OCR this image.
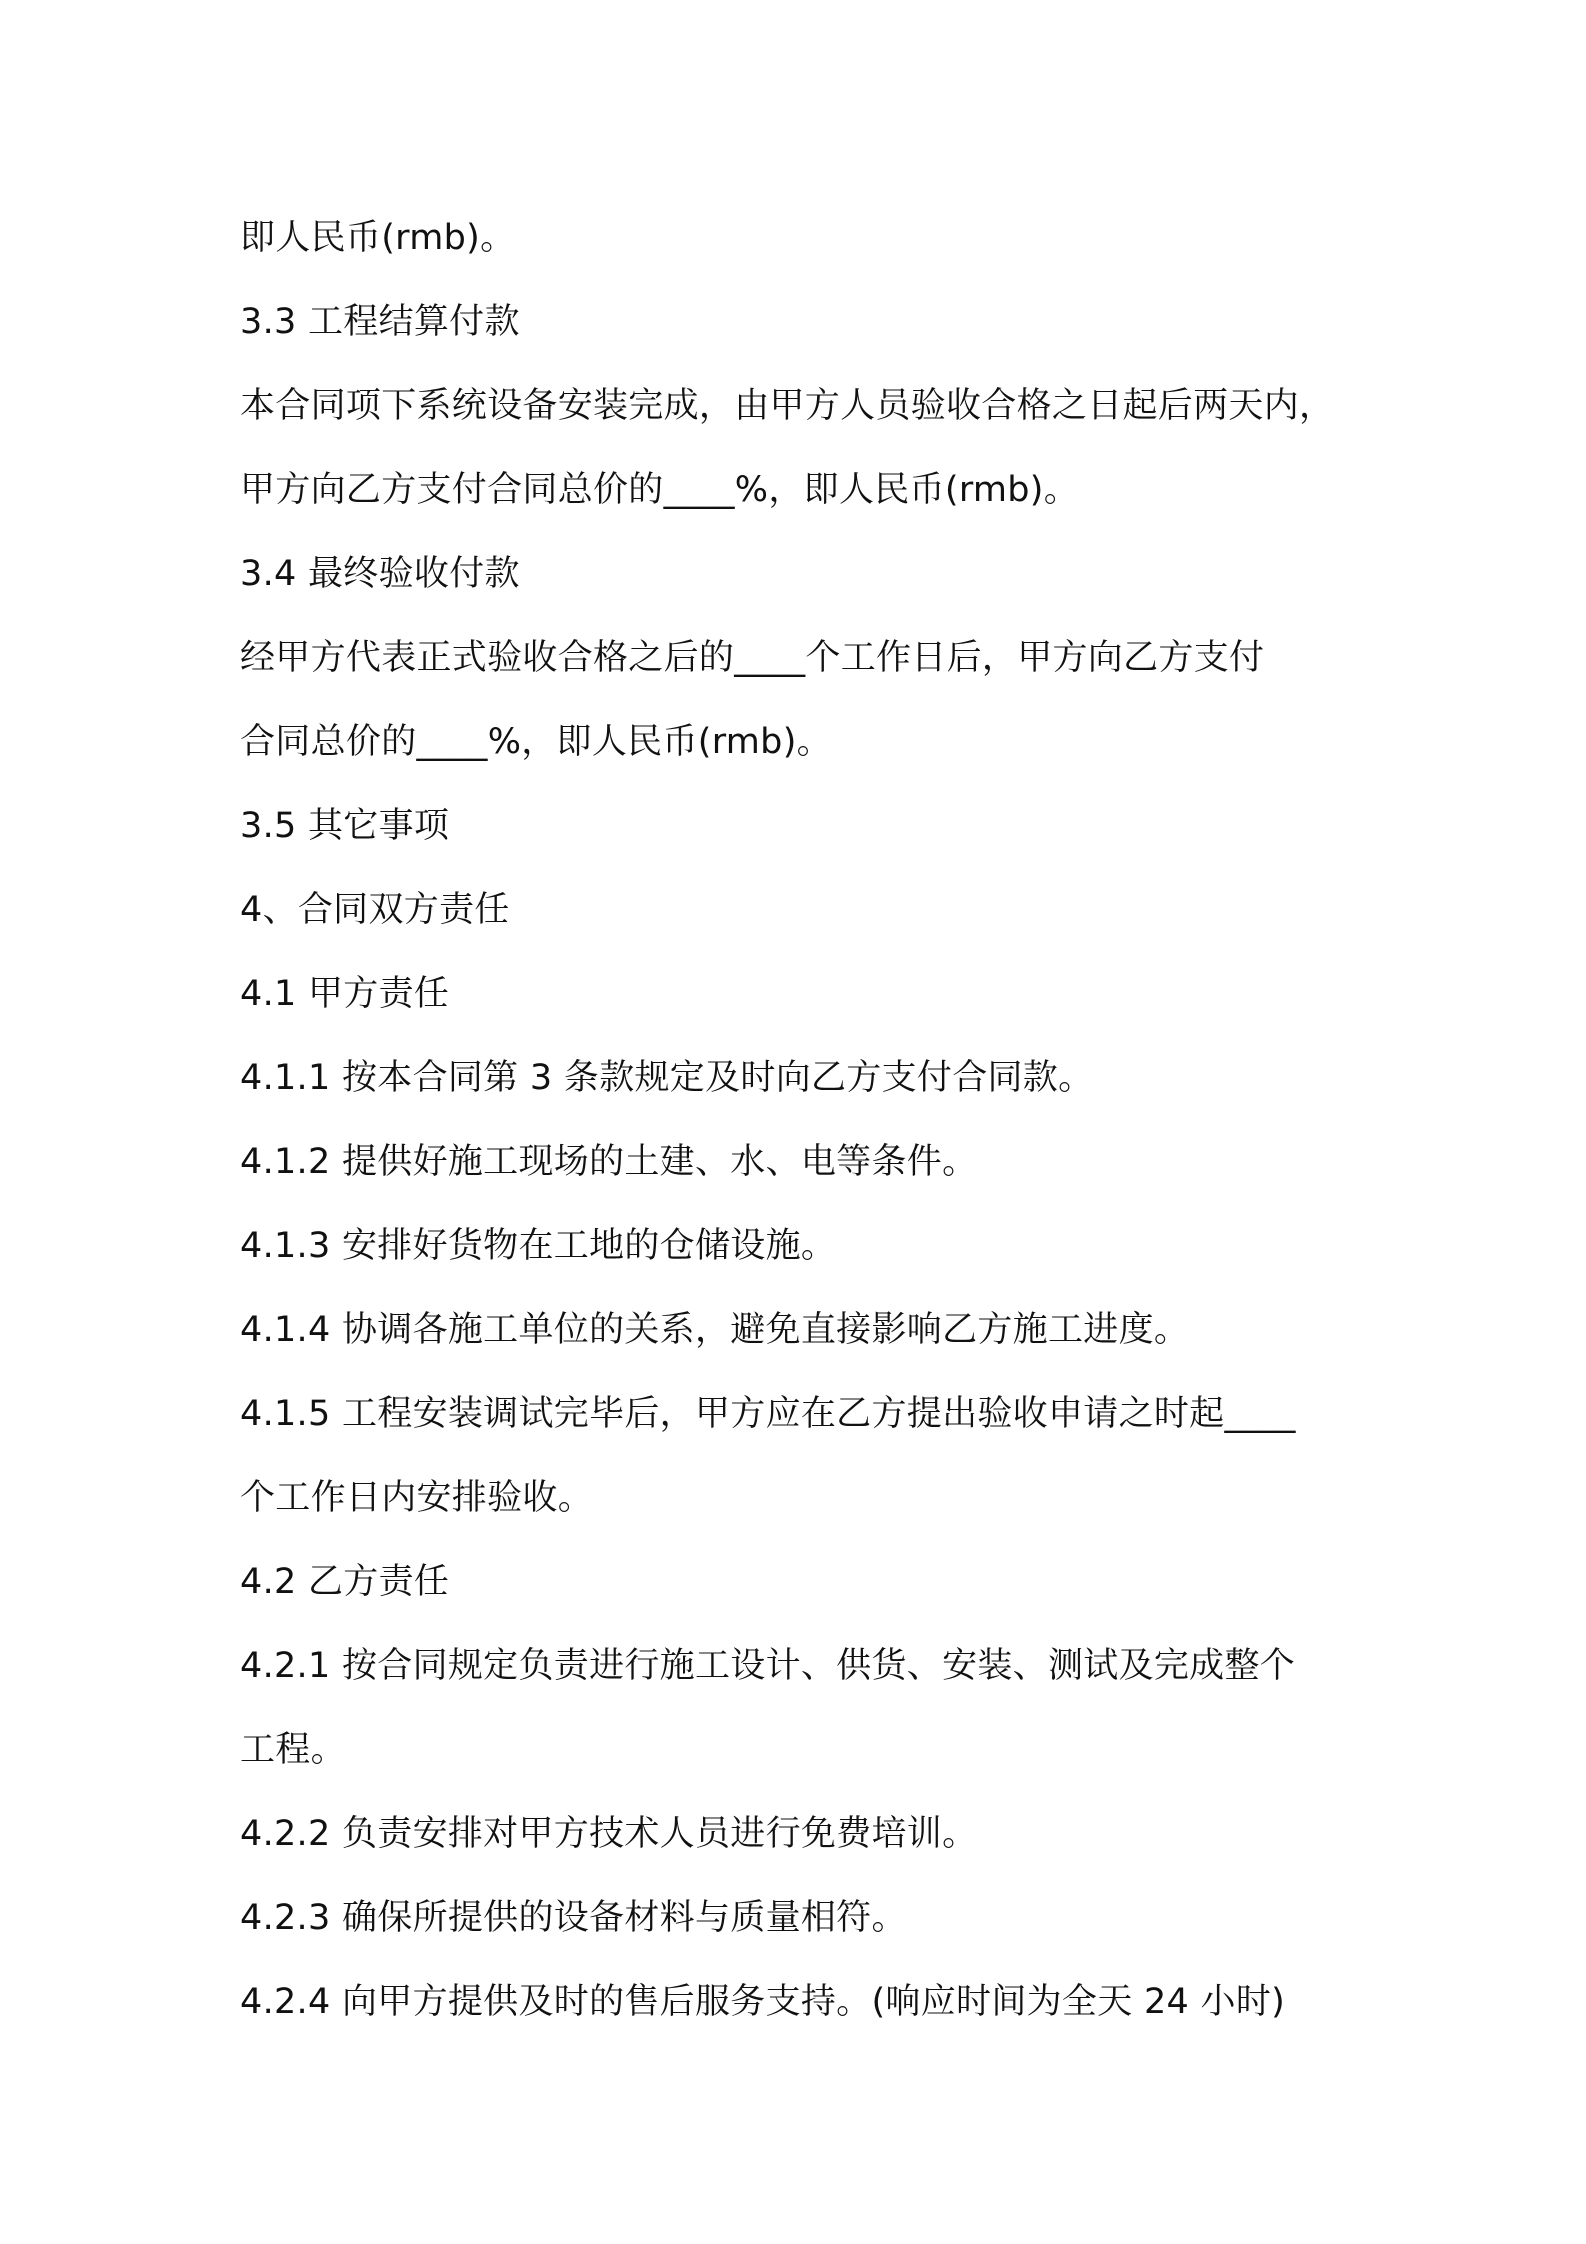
即人民币(rmb)。
3.3 工程结算付款
本合同项下系统设备安装完成，由甲方人员验收合格之日起后两天内，
甲方向乙方支付合同总价的____%，即人民币(rmb)。
3.4 最终验收付款
经甲方代表正式验收合格之后的____个工作日后，甲方向乙方支付
合同总价的____%，即人民币(rmb)。
3.5 其它事项
4、合同双方责任
4.1 甲方责任
4.1.1 按本合同第 3 条款规定及时向乙方支付合同款。
4.1.2 提供好施工现场的土建、水、电等条件。
4.1.3 安排好货物在工地的仓储设施。
4.1.4 协调各施工单位的关系，避免直接影响乙方施工进度。
4.1.5 工程安装调试完毕后，甲方应在乙方提出验收申请之时起____
个工作日内安排验收。
4.2 乙方责任
4.2.1 按合同规定负责进行施工设计、供货、安装、测试及完成整个
工程。
4.2.2 负责安排对甲方技术人员进行免费培训。
4.2.3 确保所提供的设备材料与质量相符。
4.2.4 向甲方提供及时的售后服务支持。(响应时间为全天 24 小时)
